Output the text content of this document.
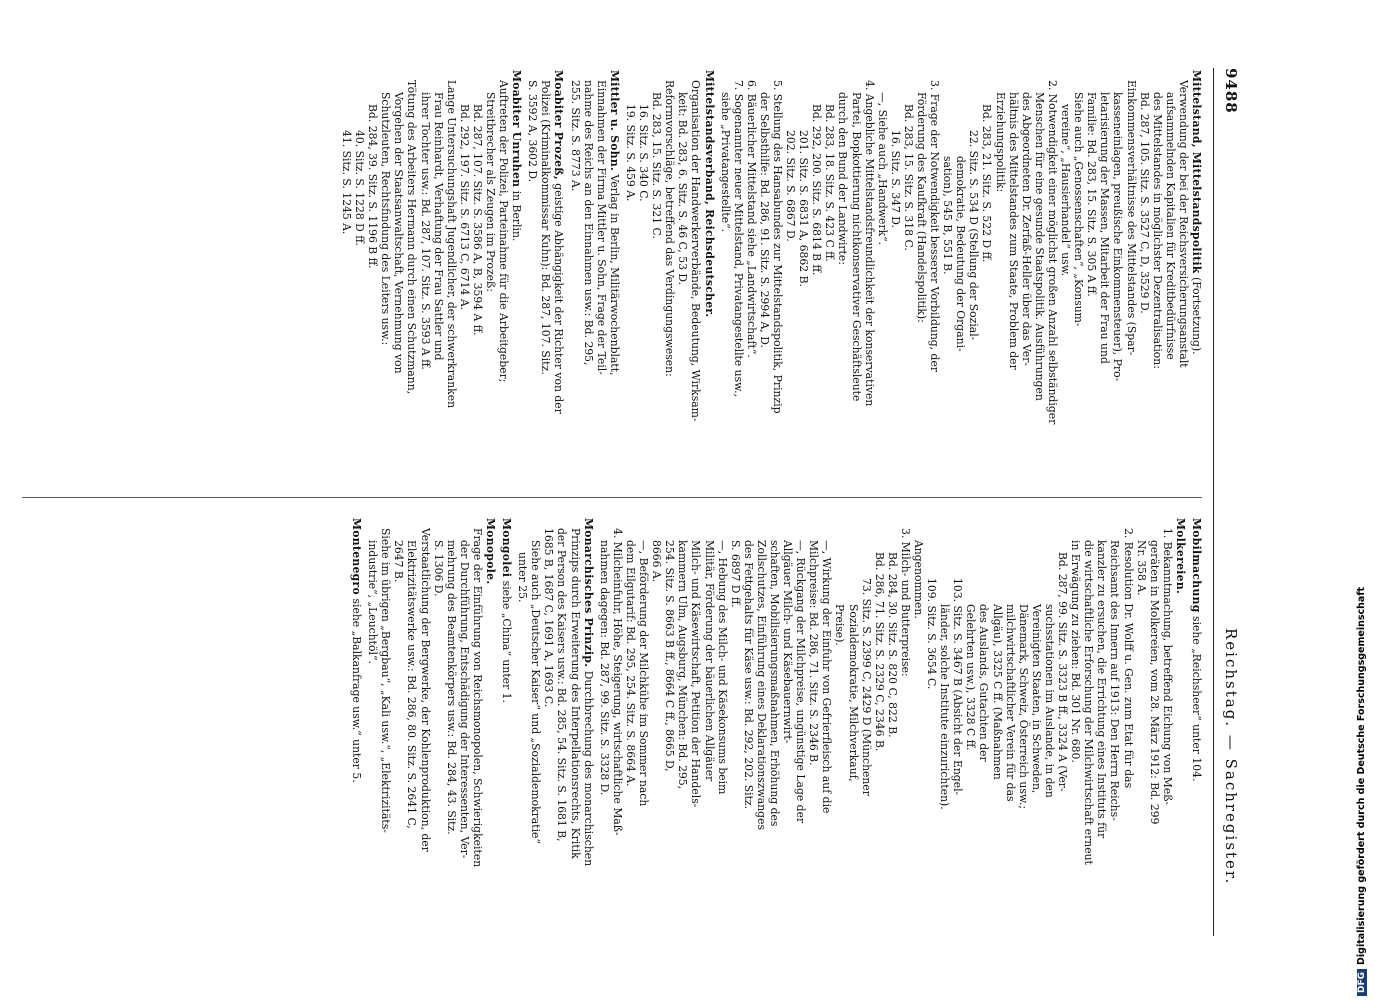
9488
Reichstag. — Sachregister.
Mittelstand, Mittelstandspolitik (Fortsetzung).
Verwendung der bei der Reichsversicherungsanstalt
aufsammelnden Kapitalien für Kreditbedürfnisse
des Mittelstandes in möglichster Dezentralisation:
Bd. 287, 105. Sitz. S. 3527 C, D, 3529 D.
Einkommensverhältnisse des Mittelstandes (Spar-
kasseneinlagen, preußische Einkommensteuer), Pro-
letarisierung der Massen, Mitarbeit der Frau und
Familie: Bd. 283, 15. Sitz. S. 305 A ff.
Siehe auch „Genossenschaften“, „Konsum-
vereine“, „Hausierhandel“ usw.
2. Notwendigkeit einer möglichst großen Anzahl selbständiger
Menschen für eine gesunde Staatspolitik. Ausführungen
des Abgeordneten Dr. Zerfaß-Heller über das Ver-
hältnis des Mittelstandes zum Staate, Problem der
Erziehungspolitik:
Bd. 283, 21. Sitz. S. 522 D ff.
22. Sitz. S. 534 D (Stellung der Sozial-
demokratie, Bedeutung der Organi-
sation), 545 B, 551 B.
3. Frage der Notwendigkeit besserer Vorbildung, der
Förderung des Kaufkraft (Handelspolitik):
Bd. 283, 15. Sitz. S. 318 C.
16. Sitz. S. 347 D.
—, Siehe auch „Handwerk“.
4. Angebliche Mittelstandsfreundlichkeit der konservativen
Partei, Bopkottierung nichtkonservativer Geschäftsleute
durch den Bund der Landwirte:
Bd. 283, 18. Sitz. S. 423 C ff.
Bd. 292, 200. Sitz. S. 6814 B ff.
201. Sitz. S. 6831 A, 6862 B.
202. Sitz. S. 6867 D.
5. Stellung des Hansabundes zur Mittelstandspolitik, Prinzip
der Selbsthilfe: Bd. 286, 91. Sitz. S. 2994 A, D.
6. Bäuerlicher Mittelstand siehe „Landwirtschaft“.
7. Sogenannter neuer Mittelstand, Privatangestellte usw.,
siehe „Privatangestellte“.
Mittelstandsverband, Reichsdeutscher.
Organisation der Handwerkerverbände, Bedeutung, Wirksam-
keit: Bd. 283, 6. Sitz. S. 46 C, 53 D.
Reformvorschläge, betreffend das Verdingungswesen:
Bd. 283, 15. Sitz. S. 321 C.
16. Sitz. S. 340 C.
19. Sitz. S. 459 A.
Mittler u. Sohn. Verlag in Berlin, Militärwochenblatt,
Einnahmen der Firma Mittler u. Sohn, Frage der Teil-
nahme des Reichs an den Einnahmen usw.: Bd. 295,
255. Sitz. S. 8773 A.
Moabiter Prozeß, geistige Abhängigkeit der Richter von der
Polizei (Kriminalkommissar Kuhn): Bd. 287, 107. Sitz.
S. 3592 A, 3602 D.
Moabiter Unruhen in Berlin.
Auftreten der Polizei, Parteinahme für die Arbeitgeber;
Streitbrecher als Zeugen im Prozeß:
Bd. 287, 107. Sitz. S. 3586 A, B, 3594 A ff.
Bd. 292, 197. Sitz. S. 6713 C, 6714 A.
Lange Untersuchungshaft Jugendlicher, der schwerkranken
Frau Reinhardt, Verhaftung der Frau Sattler und
ihrer Tochter usw.: Bd. 287, 107. Sitz. S. 3593 A ff.
Tötung des Arbeiters Hermann durch einen Schutzmann,
Vorgehen der Staatsanwaltschaft, Vernehmung von
Schutzleuten, Rechtsfindung des Leiters usw.:
Bd. 284, 39. Sitz. S. 1196 B ff.
40. Sitz. S. 1228 D ff.
41. Sitz. S. 1245 A.
Mobilmachung siehe „Reichsheer“ unter 104.
Molkereien.
1. Bekanntmachung, betreffend Eichung von Meß-
geräten in Molkereien, vom 28. März 1912: Bd. 299
Nr. 358 A.
2. Resolution Dr. Wolff u. Gen. zum Etat für das
Reichsamt des Innern auf 1913: Den Herrn Reichs-
kanzler zu ersuchen, die Errichtung eines Instituts für
die wirtschaftliche Erforschung der Milchwirtschaft erneut
in Erwägung zu ziehen: Bd. 301 Nr. 680.
Bd. 287, 99. Sitz. S. 3323 B ff., 3324 A (Ver-
suchsstationen im Auslande, in den
Vereinigten Staaten, in Schweden,
Dänemark, Schweiz, Österreich usw.;
milchwirtschaftlicher Verein für das
Allgäu), 3325 C ff. (Maßnahmen
des Auslands, Gutachten der
Gelehrten usw.), 3328 C ff.
103. Sitz. S. 3467 B (Absicht der Engel-
länder, solche Institute einzurichten).
109. Sitz. S. 3654 C.
Angenommen.
3. Milch- und Butterpreise:
Bd. 284, 30. Sitz. S. 820 C, 822 B.
Bd. 286, 71. Sitz. S. 2329 C, 2346 B.
73. Sitz. S. 2399 C, 2429 D (Münchener
Sozialdemokratie, Milchverkauf,
Preise).
—, Wirkung der Einfuhr von Gefrierfleisch auf die
Milchpreise: Bd. 286, 71. Sitz. S. 2346 B.
—, Rückgang der Milchpreise, ungünstige Lage der
Allgäuer Milch- und Käsebauernwirt-
schaften, Mobilisierungsmaßnahmen, Erhöhung des
Zollschutzes, Einführung eines Deklarationszwanges
des Fettgehalts für Käse usw.: Bd. 292, 202. Sitz.
S. 6897 D ff.
—, Hebung des Milch- und Käsekonsums beim
Militär, Förderung der bäuerlichen Allgäuer
Milch- und Käsewirtschaft, Petition der Handels-
kammern Ulm, Augsburg, München: Bd. 295,
254. Sitz. S. 8663 B ff., 8664 C ff., 8665 D,
8666 A.
—, Beförderung der Milchkühe im Sommer nach
dem Eilgutarif: Bd. 295, 254. Sitz. S. 8664 A.
4. Milcheinfuhr, Höhe, Steigerung, wirtschaftliche Maß-
nahmen dagegen: Bd. 287, 99. Sitz. S. 3328 D.
Monarchisches Prinzip. Durchbrechung des monarchischen
Prinzips durch Erweiterung des Interpellationsrechts, Kritik
der Person des Kaisers usw.: Bd. 285, 54. Sitz. S. 1681 B,
1685 B, 1687 C, 1691 A, 1693 C.
Siehe auch „Deutscher Kaiser“ und „Sozialdemokratie“
unter 25.
Mongolei siehe „China“ unter 1.
Monopole.
Frage der Einführung von Reichsmonopolen, Schwierigkeiten
der Durchführung, Entschädigung der Interessenten, Ver-
mehrung des Beamtenkörpers usw.: Bd. 284, 43. Sitz.
S. 1306 D.
Verstaatlichung der Bergwerke, der Kohlenproduktion, der
Elektrizitätswerke usw.: Bd. 286, 80. Sitz. S. 2641 C,
2647 B.
Siehe im übrigen „Bergbau“, „Kali usw.“, „Elektrizitäts-
industrie“, „Leuchtöl“.
Montenegro siehe „Balkanfrage usw.“ unter 5.
DFGDigitalisierung gefördert durch die Deutsche Forschungsgemeinschaft
